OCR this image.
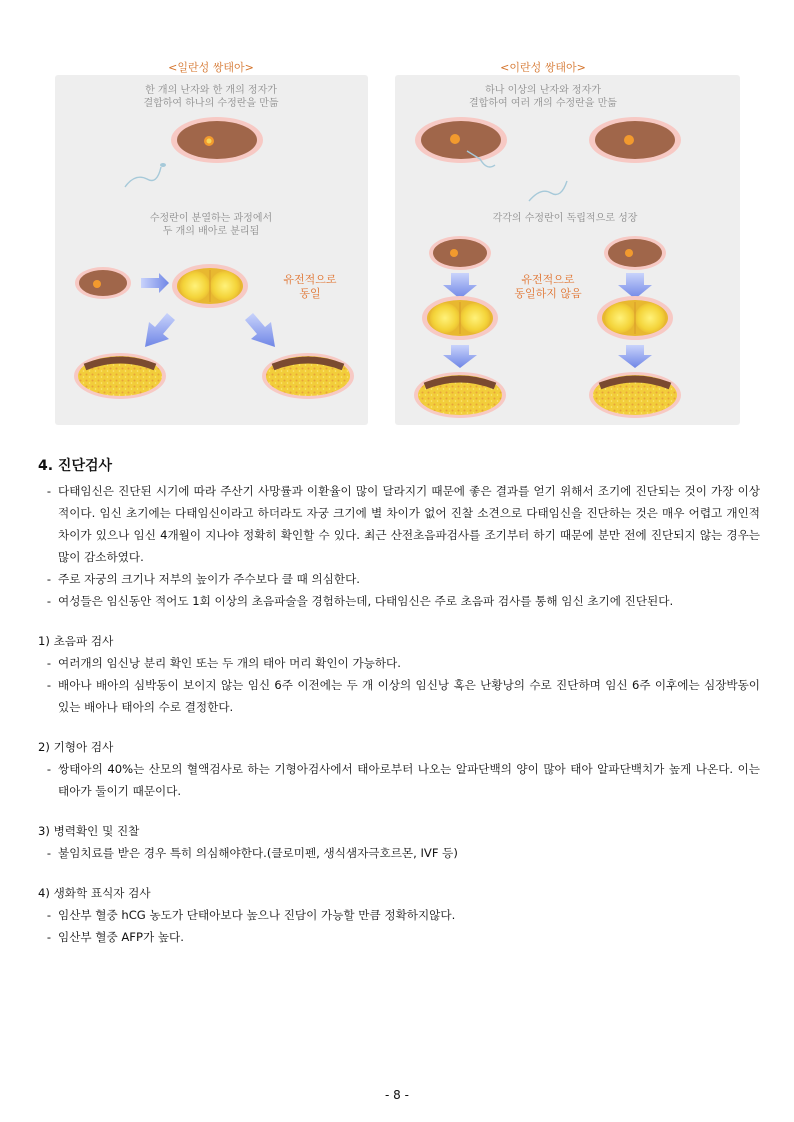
<일란성 쌍태아>
한 개의 난자와 한 개의 정자가
결합하여 하나의 수정란을 만듦
수정란이 분열하는 과정에서
두 개의 배아로 분리됨
유전적으로
동일
<이란성 쌍태아>
하나 이상의 난자와 정자가
결합하여 여러 개의 수정란을 만듦
각각의 수정란이 독립적으로 성장
유전적으로
동일하지 않음
4. 진단검사
- 다태임신은 진단된 시기에 따라 주산기 사망률과 이환율이 많이 달라지기 때문에 좋은 결과를 얻기 위해서 조기에 진단되는 것이 가장 이상적이다. 임신 초기에는 다태임신이라고 하더라도 자궁 크기에 별 차이가 없어 진찰 소견으로 다태임신을 진단하는 것은 매우 어렵고 개인적 차이가 있으나 임신 4개월이 지나야 정확히 확인할 수 있다. 최근 산전초음파검사를 조기부터 하기 때문에 분만 전에 진단되지 않는 경우는 많이 감소하였다.
- 주로 자궁의 크기나 저부의 높이가 주수보다 클 때 의심한다.
- 여성들은 임신동안 적어도 1회 이상의 초음파술을 경험하는데, 다태임신은 주로 초음파 검사를 통해 임신 초기에 진단된다.
1) 초음파 검사
- 여러개의 임신낭 분리 확인 또는 두 개의 태아 머리 확인이 가능하다.
- 배아나 배아의 심박동이 보이지 않는 임신 6주 이전에는 두 개 이상의 임신낭 혹은 난황낭의 수로 진단하며 임신 6주 이후에는 심장박동이 있는 배아나 태아의 수로 결정한다.
2) 기형아 검사
- 쌍태아의 40%는 산모의 혈액검사로 하는 기형아검사에서 태아로부터 나오는 알파단백의 양이 많아 태아 알파단백치가 높게 나온다. 이는 태아가 둘이기 때문이다.
3) 병력확인 및 진찰
- 불임치료를 받은 경우 특히 의심해야한다.(클로미펜, 생식샘자극호르몬, IVF 등)
4) 생화학 표식자 검사
- 임산부 혈중 hCG 농도가 단태아보다 높으나 진담이 가능할 만큼 정확하지않다.
- 임산부 혈중 AFP가 높다.
- 8 -
